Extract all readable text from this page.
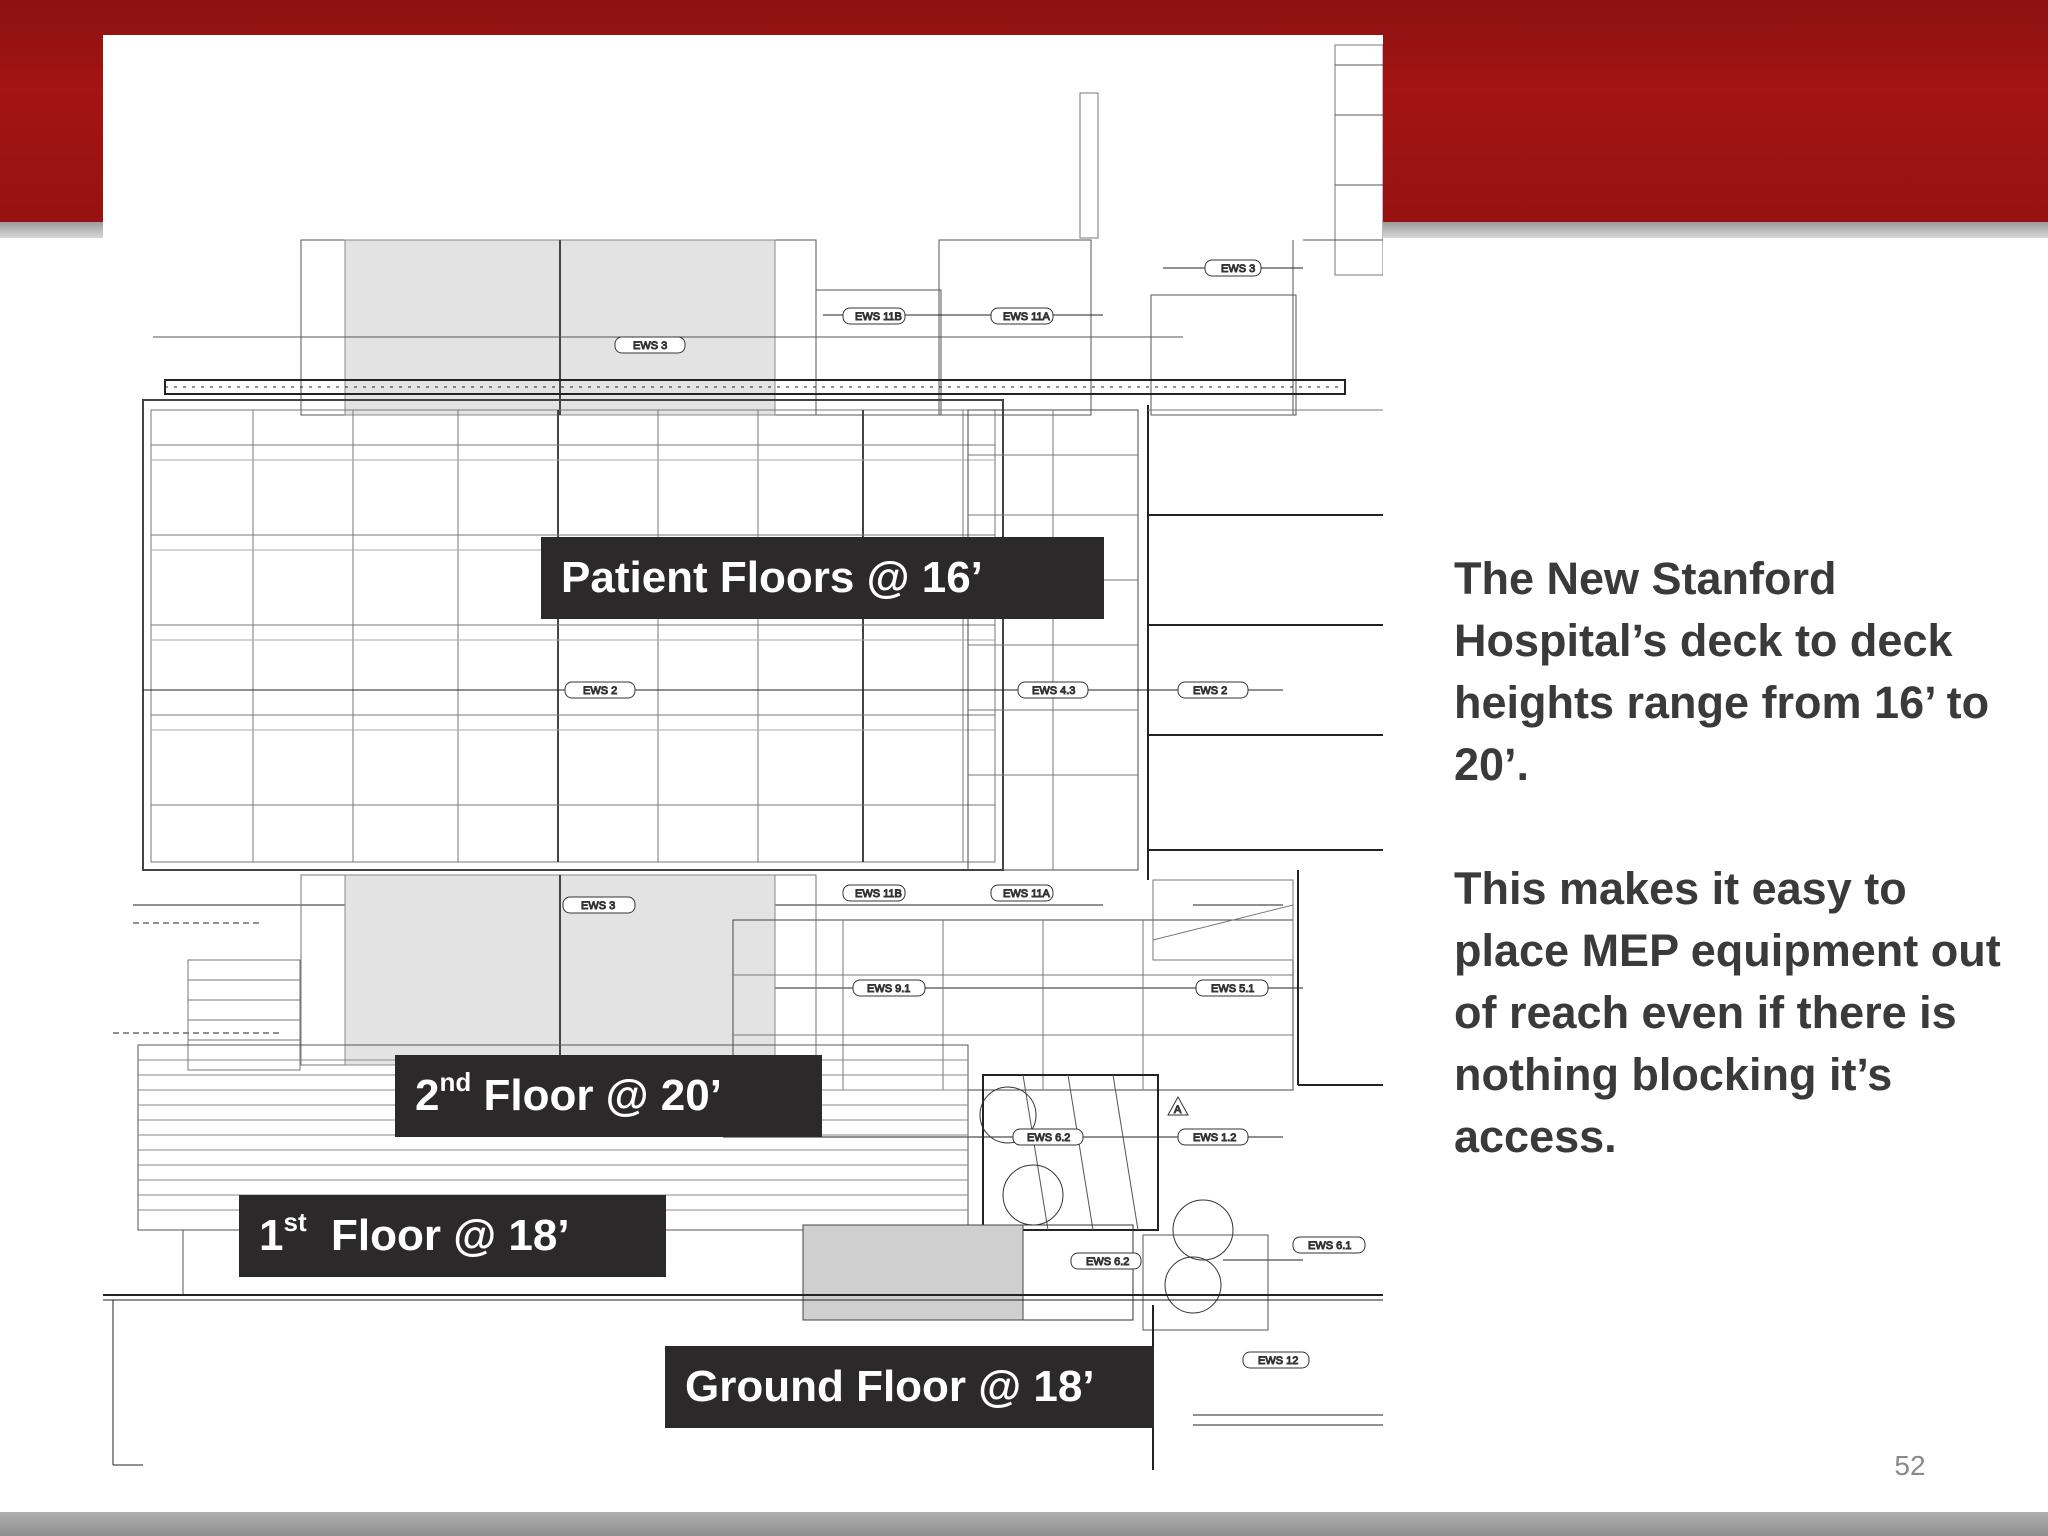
EWS 3
EWS 11B	EWS 11A
EWS 3
EWS 2	EWS 4.3	EWS 2
EWS 3
EWS 11B	EWS 11A
EWS 9.1	EWS 5.1
EWS 6.2	EWS 1.2
EWS 6.2
EWS 6.1
EWS 12
A
Patient Floors @ 16’
2nd Floor @ 20’
1st Floor @ 18’
Ground Floor @ 18’

The New Stanford Hospital’s deck to deck heights range from 16’ to 20’.

This makes it easy to place MEP equipment out of reach even if there is nothing blocking it’s access.

52
